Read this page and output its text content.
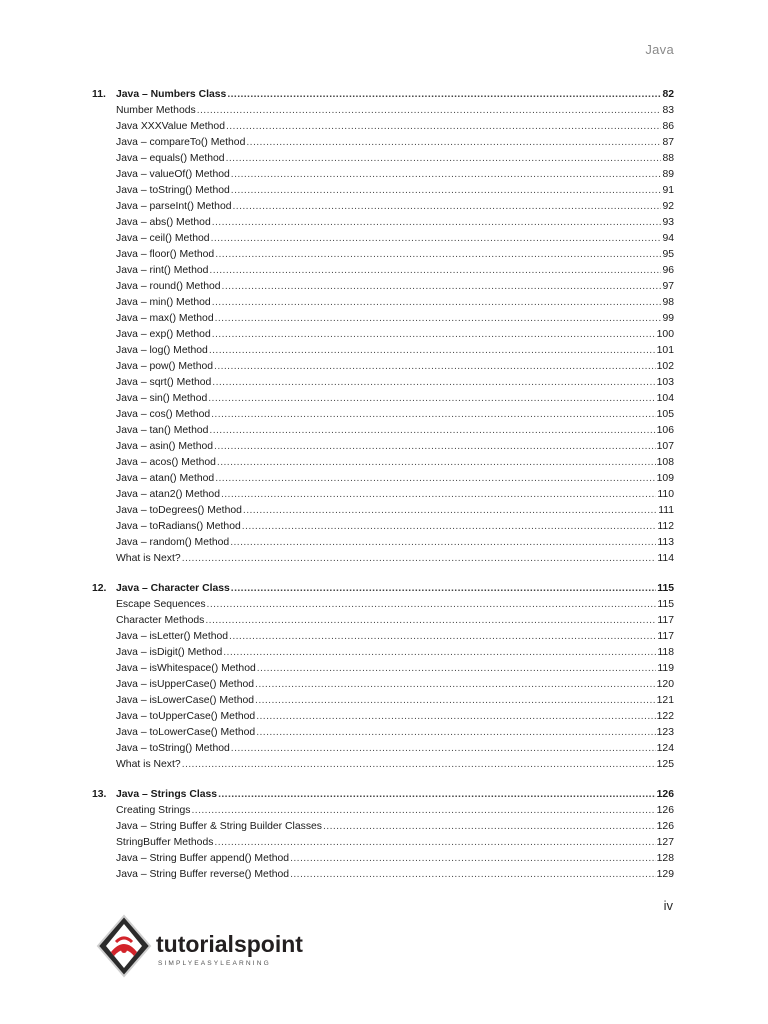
Java
11. Java – Numbers Class .....	82
Number Methods .....	83
Java XXXValue Method .....	86
Java – compareTo() Method .....	87
Java – equals() Method .....	88
Java – valueOf() Method .....	89
Java – toString() Method .....	91
Java – parseInt() Method .....	92
Java – abs() Method .....	93
Java – ceil() Method .....	94
Java – floor() Method .....	95
Java – rint() Method .....	96
Java – round() Method .....	97
Java – min() Method .....	98
Java – max() Method .....	99
Java – exp() Method .....	100
Java – log() Method .....	101
Java – pow() Method .....	102
Java – sqrt() Method .....	103
Java – sin() Method .....	104
Java – cos() Method .....	105
Java – tan() Method .....	106
Java – asin() Method .....	107
Java – acos() Method .....	108
Java – atan() Method .....	109
Java – atan2() Method .....	110
Java – toDegrees() Method .....	111
Java – toRadians() Method .....	112
Java – random() Method .....	113
What is Next? .....	114
12. Java – Character Class .....	115
Escape Sequences .....	115
Character Methods .....	117
Java – isLetter() Method .....	117
Java – isDigit() Method .....	118
Java – isWhitespace() Method .....	119
Java – isUpperCase() Method .....	120
Java – isLowerCase() Method .....	121
Java – toUpperCase() Method .....	122
Java – toLowerCase() Method .....	123
Java – toString() Method .....	124
What is Next? .....	125
13. Java – Strings Class .....	126
Creating Strings .....	126
Java – String Buffer & String Builder Classes .....	126
StringBuffer Methods .....	127
Java – String Buffer append() Method .....	128
Java – String Buffer reverse() Method .....	129
iv
tutorialspoint
SIMPLYEASYLEARNING
